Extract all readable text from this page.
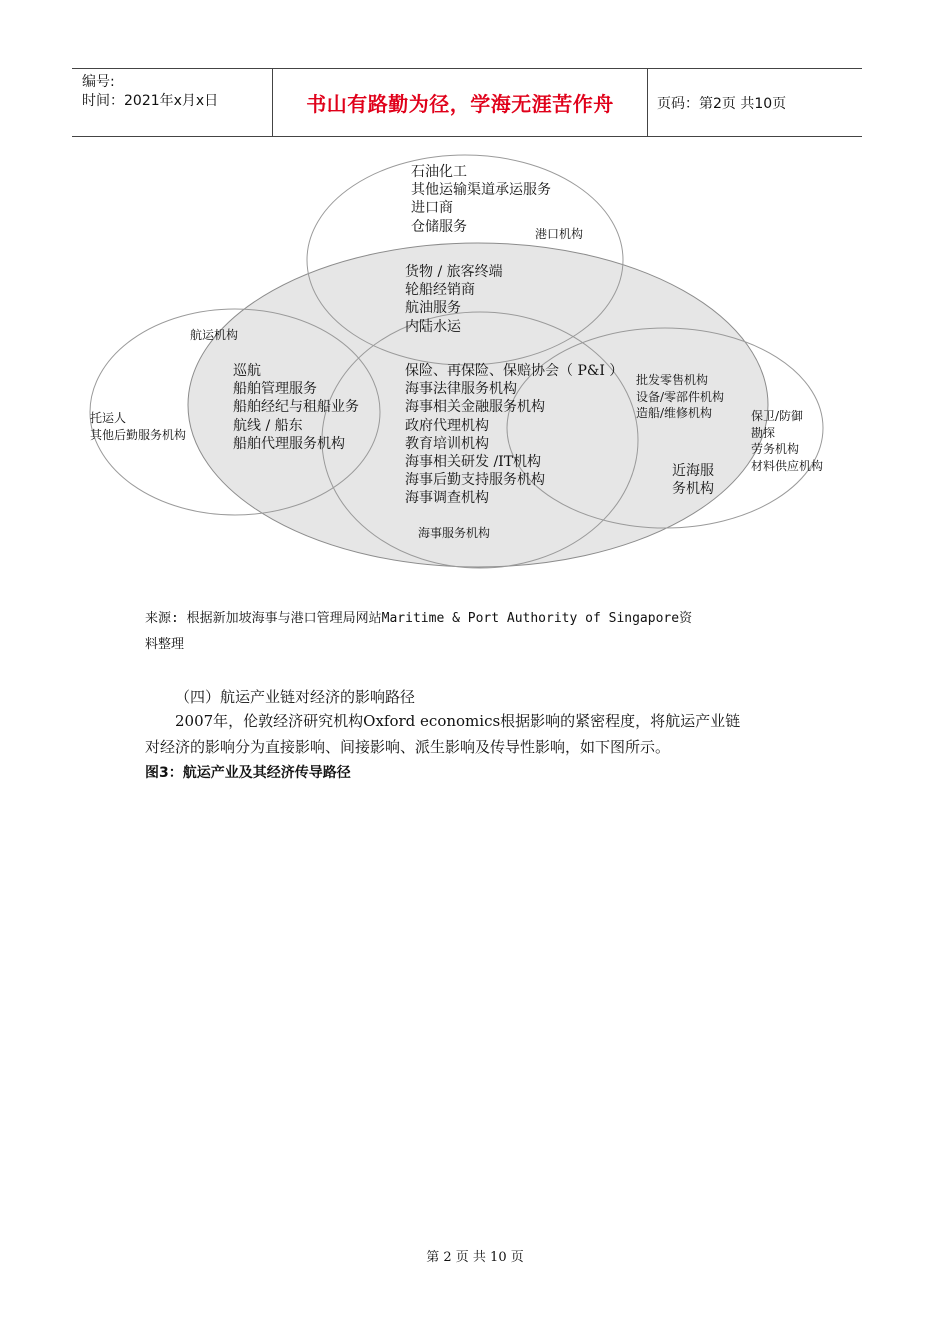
编号:
时间：2021年x月x日	书山有路勤为径，学海无涯苦作舟	页码：第2页 共10页
石油化工
其他运输渠道承运服务
进口商
仓储服务	港口机构
货物 / 旅客终端
轮船经销商
航油服务
内陆水运
航运机构
巡航
船舶管理服务
船舶经纪与租船业务
航线 / 船东
船舶代理服务机构
托运人
其他后勤服务机构
保险、再保险、保赔协会（ P&I ）
海事法律服务机构
海事相关金融服务机构
政府代理机构
教育培训机构
海事相关研发 /IT机构
海事后勤支持服务机构
海事调查机构
海事服务机构
批发零售机构
设备/零部件机构
造船/维修机构	保卫/防御
勘探
劳务机构
材料供应机构
近海服
务机构
来源: 根据新加坡海事与港口管理局网站Maritime & Port Authority of Singapore资
料整理
（四）航运产业链对经济的影响路径
2007年，伦敦经济研究机构Oxford economics根据影响的紧密程度，将航运产业链
对经济的影响分为直接影响、间接影响、派生影响及传导性影响，如下图所示。
图3：航运产业及其经济传导路径
第 2 页 共 10 页
